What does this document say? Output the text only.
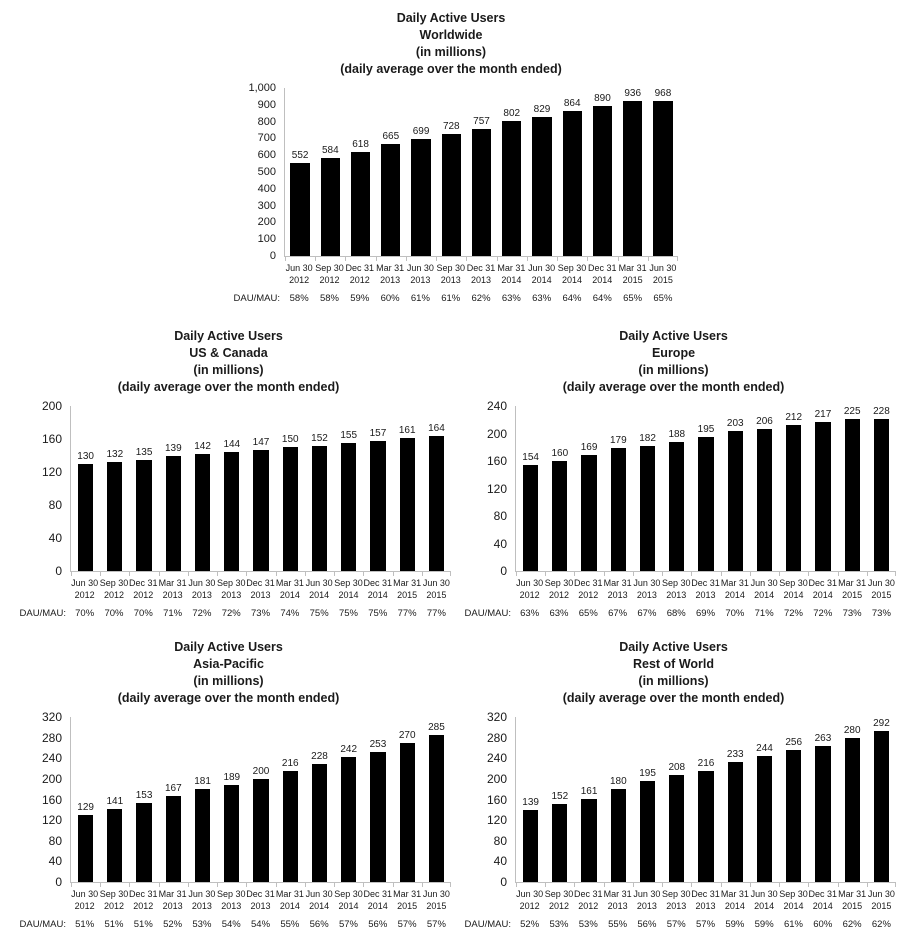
Daily Active Users
Worldwide
(in millions)
(daily average over the month ended)
1,000
900
800
700
600
500
400
300
200
100
0
552 584
618
665
699 728 757
802 829
864 890 936 968
Jun 30
2012
Sep 30
2012
Dec 31
2012
Mar 31
2013
Jun 30
2013
Sep 30
2013
Dec 31
2013
Mar 31
2014
Jun 30
2014
Sep 30
2014
Dec 31
2014
Mar 31
2015
Jun 30
2015
DAU/MAU:	58%	58%	59%	60%	61%	61%	62%	63%	63%	64%	64%	65%	65%
Daily Active Users
US & Canada
(in millions)
(daily average over the month ended)
200
160
120
80
40
0
130 132 135 139 142 144 147 150 152 155 157 161 164
Jun 30
2012
Sep 30
2012
Dec 31
2012
Mar 31
2013
Jun 30
2013
Sep 30
2013
Dec 31
2013
Mar 31
2014
Jun 30
2014
Sep 30
2014
Dec 31
2014
Mar 31
2015
Jun 30
2015
DAU/MAU: 70%	70%	70%	71%	72%	72%	73%	74%	75%	75%	75%	77%	77%
Daily Active Users
Europe
(in millions)
(daily average over the month ended)
240
200
160
120
80
40
0
154 160
169
179 182 188 195 203 206 212 217 225 228
Jun 30
2012
Sep 30
2012
Dec 31
2012
Mar 31
2013
Jun 30
2013
Sep 30
2013
Dec 31
2013
Mar 31
2014
Jun 30
2014
Sep 30
2014
Dec 31
2014
Mar 31
2015
Jun 30
2015
DAU/MAU: 63%	63%	65%	67%	67%	68%	69%	70%	71%	72%	72%	73%	73%
Daily Active Users
Asia-Pacific
(in millions)
(daily average over the month ended)
320
280
240
200
160
120
80
40
0
129
141
153
167
181 189
200
216
228
242
253
270
285
Jun 30
2012
Sep 30
2012
Dec 31
2012
Mar 31
2013
Jun 30
2013
Sep 30
2013
Dec 31
2013
Mar 31
2014
Jun 30
2014
Sep 30
2014
Dec 31
2014
Mar 31
2015
Jun 30
2015
DAU/MAU: 51%	51%	51%	52%	53%	54%	54%	55%	56%	57%	56%	57%	57%
Daily Active Users
Rest of World
(in millions)
(daily average over the month ended)
320
280
240
200
160
120
80
40
0
139
152 161
180
195
208 216
233
244
256 263
280
292
Jun 30
2012
Sep 30
2012
Dec 31
2012
Mar 31
2013
Jun 30
2013
Sep 30
2013
Dec 31
2013
Mar 31
2014
Jun 30
2014
Sep 30
2014
Dec 31
2014
Mar 31
2015
Jun 30
2015
DAU/MAU: 52%	53%	53%	55%	56%	57%	57%	59%	59%	61%	60%	62%	62%
